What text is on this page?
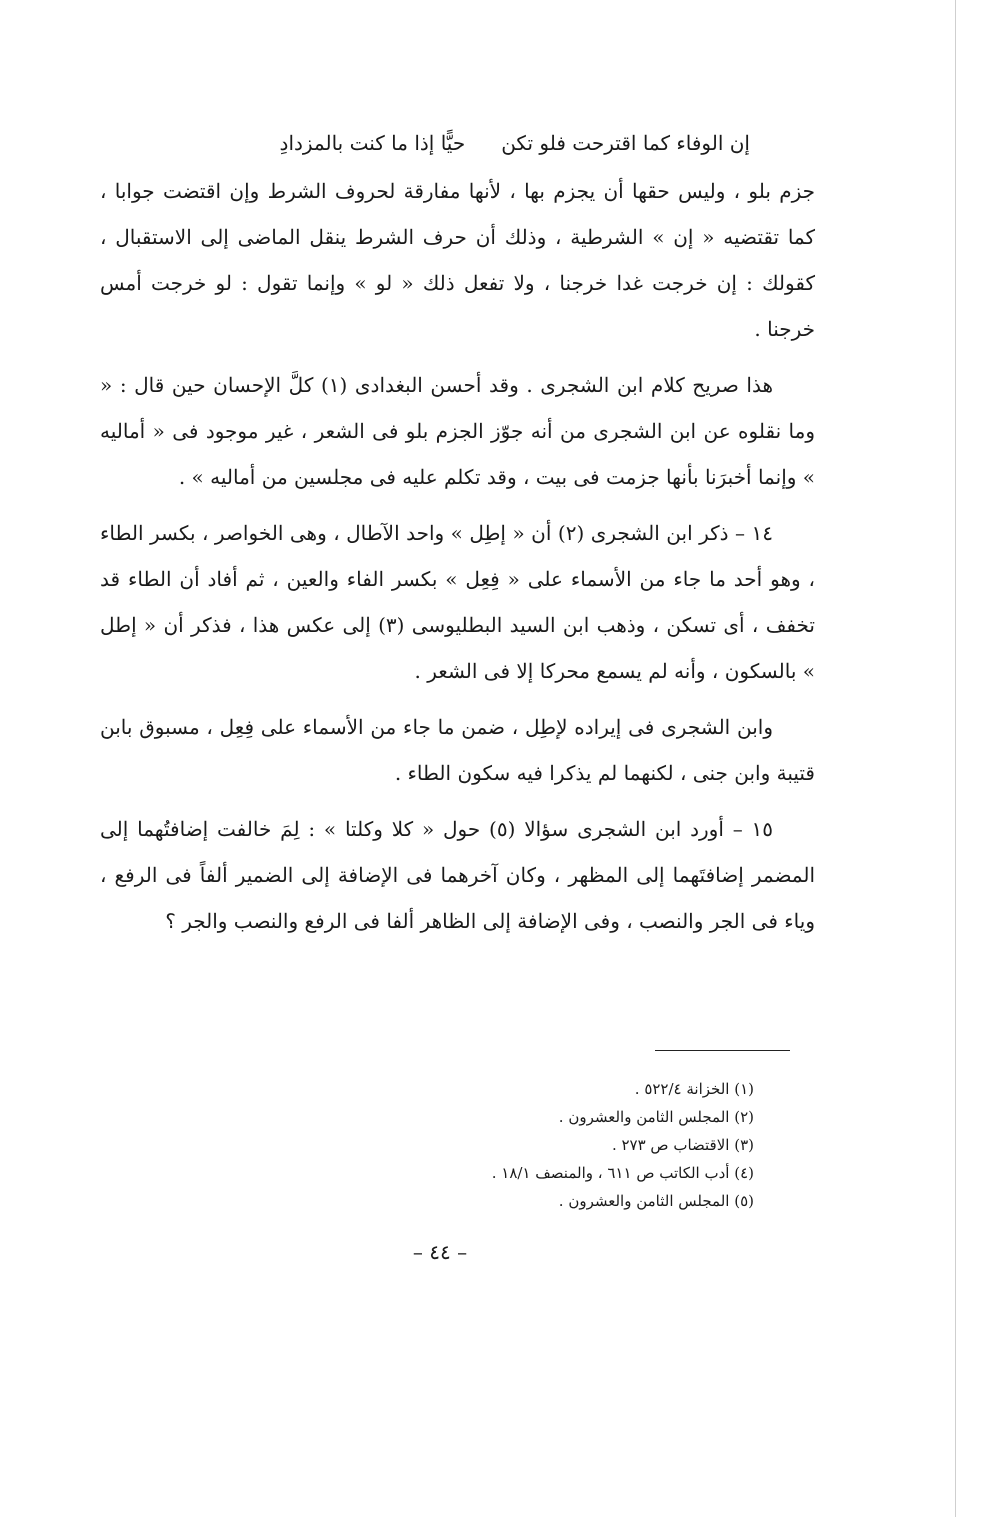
إن الوفاء كما اقترحت فلو تكنحيًّا إذا ما كنت بالمزدادِ

جزم بلو ، وليس حقها أن يجزم بها ، لأنها مفارقة لحروف الشرط وإن اقتضت جوابا ، كما تقتضيه « إن » الشرطية ، وذلك أن حرف الشرط ينقل الماضى إلى الاستقبال ، كقولك : إن خرجت غدا خرجنا ، ولا تفعل ذلك « لو » وإنما تقول : لو خرجت أمس خرجنا .

هذا صريح كلام ابن الشجرى . وقد أحسن البغدادى (١) كلَّ الإحسان حين قال : « وما نقلوه عن ابن الشجرى من أنه جوّز الجزم بلو فى الشعر ، غير موجود فى « أماليه » وإنما أخبرَنا بأنها جزمت فى بيت ، وقد تكلم عليه فى مجلسين من أماليه » .

١٤ – ذكر ابن الشجرى (٢) أن « إطِل » واحد الآطال ، وهى الخواصر ، بكسر الطاء ، وهو أحد ما جاء من الأسماء على « فِعِل » بكسر الفاء والعين ، ثم أفاد أن الطاء قد تخفف ، أى تسكن ، وذهب ابن السيد البطليوسى (٣) إلى عكس هذا ، فذكر أن « إطل » بالسكون ، وأنه لم يسمع محركا إلا فى الشعر .

وابن الشجرى فى إيراده لإطِل ، ضمن ما جاء من الأسماء على فِعِل ، مسبوق بابن قتيبة وابن جنى ، لكنهما لم يذكرا فيه سكون الطاء .

١٥ – أورد ابن الشجرى سؤالا (٥) حول « كلا وكلتا » : لِمَ خالفت إضافتُهما إلى المضمر إضافتَهما إلى المظهر ، وكان آخرهما فى الإضافة إلى الضمير ألفاً فى الرفع ، وياء فى الجر والنصب ، وفى الإضافة إلى الظاهر ألفا فى الرفع والنصب والجر ؟

(١) الخزانة ٥٢٢/٤ .
(٢) المجلس الثامن والعشرون .
(٣) الاقتضاب ص ٢٧٣ .
(٤) أدب الكاتب ص ٦١١ ، والمنصف ١٨/١ .
(٥) المجلس الثامن والعشرون .
– ٤٤ –
